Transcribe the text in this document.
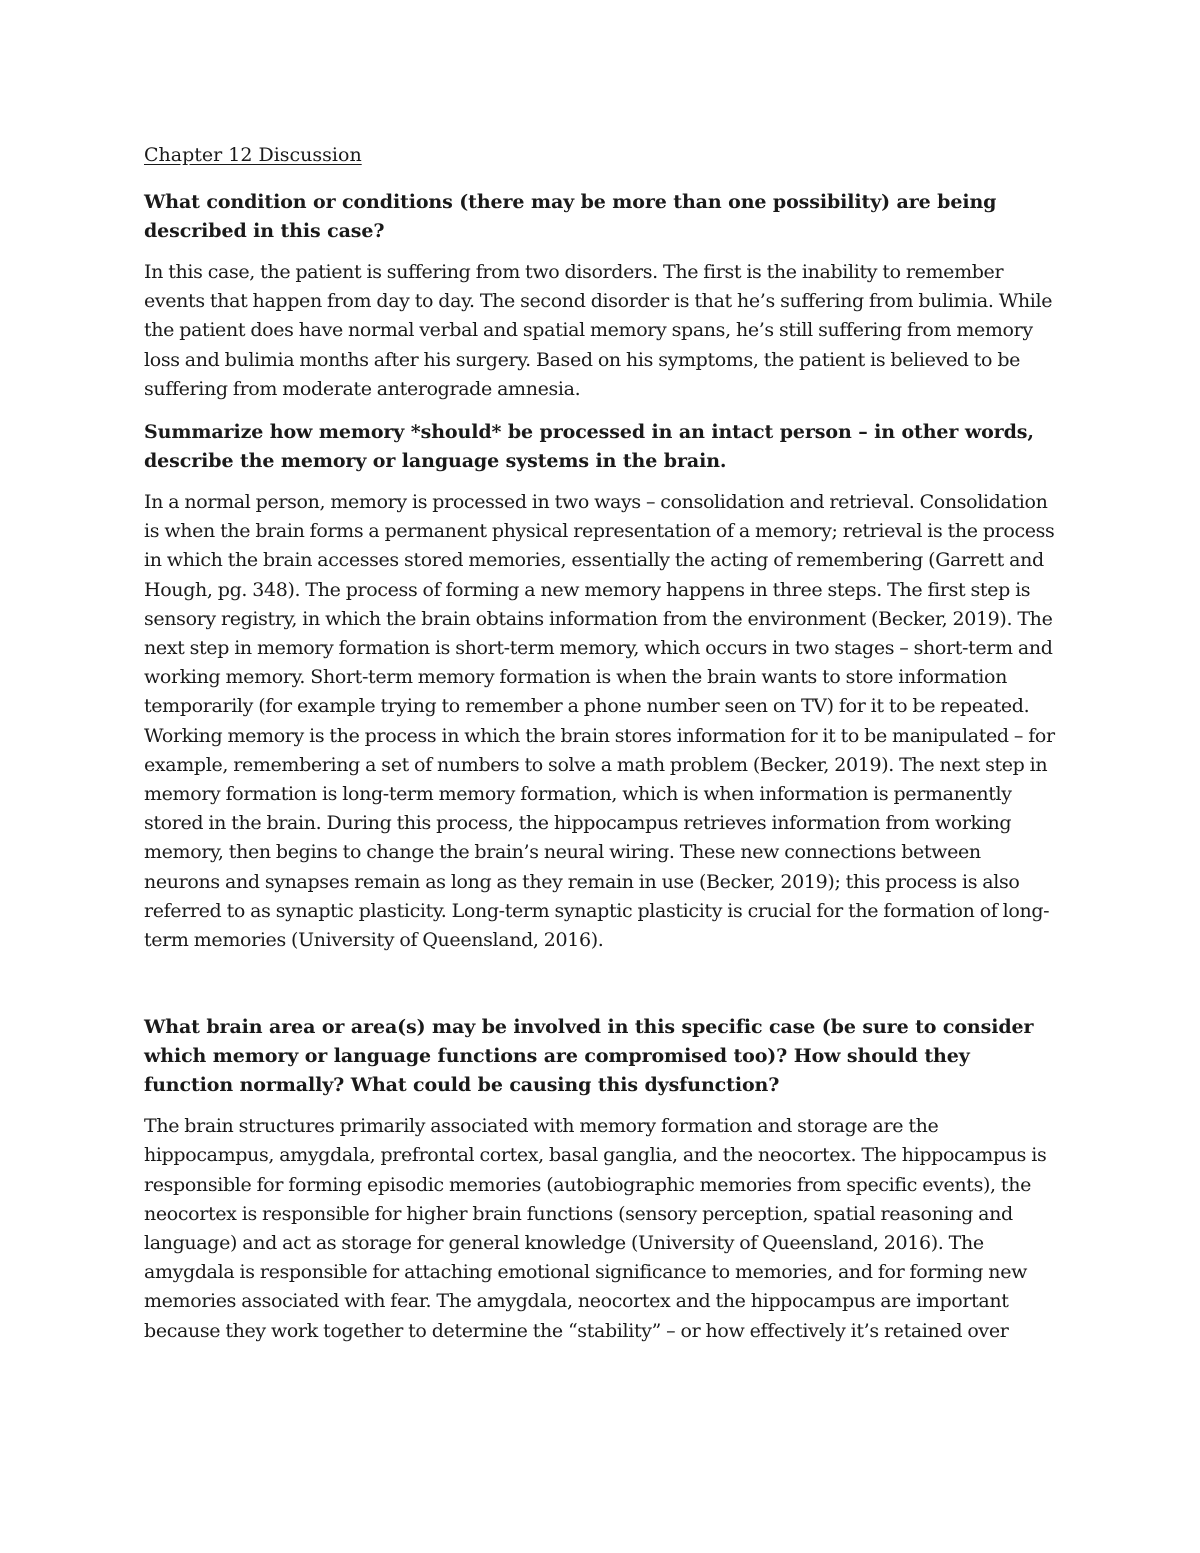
Chapter 12 Discussion

What condition or conditions (there may be more than one possibility) are being described in this case?

In this case, the patient is suffering from two disorders. The first is the inability to remember events that happen from day to day. The second disorder is that he’s suffering from bulimia. While the patient does have normal verbal and spatial memory spans, he’s still suffering from memory loss and bulimia months after his surgery. Based on his symptoms, the patient is believed to be suffering from moderate anterograde amnesia.

Summarize how memory *should* be processed in an intact person – in other words, describe the memory or language systems in the brain.

In a normal person, memory is processed in two ways – consolidation and retrieval. Consolidation is when the brain forms a permanent physical representation of a memory; retrieval is the process in which the brain accesses stored memories, essentially the acting of remembering (Garrett and Hough, pg. 348). The process of forming a new memory happens in three steps. The first step is sensory registry, in which the brain obtains information from the environment (Becker, 2019). The next step in memory formation is short-term memory, which occurs in two stages – short-term and working memory. Short-term memory formation is when the brain wants to store information temporarily (for example trying to remember a phone number seen on TV) for it to be repeated. Working memory is the process in which the brain stores information for it to be manipulated – for example, remembering a set of numbers to solve a math problem (Becker, 2019). The next step in memory formation is long-term memory formation, which is when information is permanently stored in the brain. During this process, the hippocampus retrieves information from working memory, then begins to change the brain’s neural wiring. These new connections between neurons and synapses remain as long as they remain in use (Becker, 2019); this process is also referred to as synaptic plasticity. Long-term synaptic plasticity is crucial for the formation of long-term memories (University of Queensland, 2016).

What brain area or area(s) may be involved in this specific case (be sure to consider which memory or language functions are compromised too)? How should they function normally? What could be causing this dysfunction?

The brain structures primarily associated with memory formation and storage are the hippocampus, amygdala, prefrontal cortex, basal ganglia, and the neocortex. The hippocampus is responsible for forming episodic memories (autobiographic memories from specific events), the neocortex is responsible for higher brain functions (sensory perception, spatial reasoning and language) and act as storage for general knowledge (University of Queensland, 2016). The amygdala is responsible for attaching emotional significance to memories, and for forming new memories associated with fear. The amygdala, neocortex and the hippocampus are important because they work together to determine the “stability” – or how effectively it’s retained over
